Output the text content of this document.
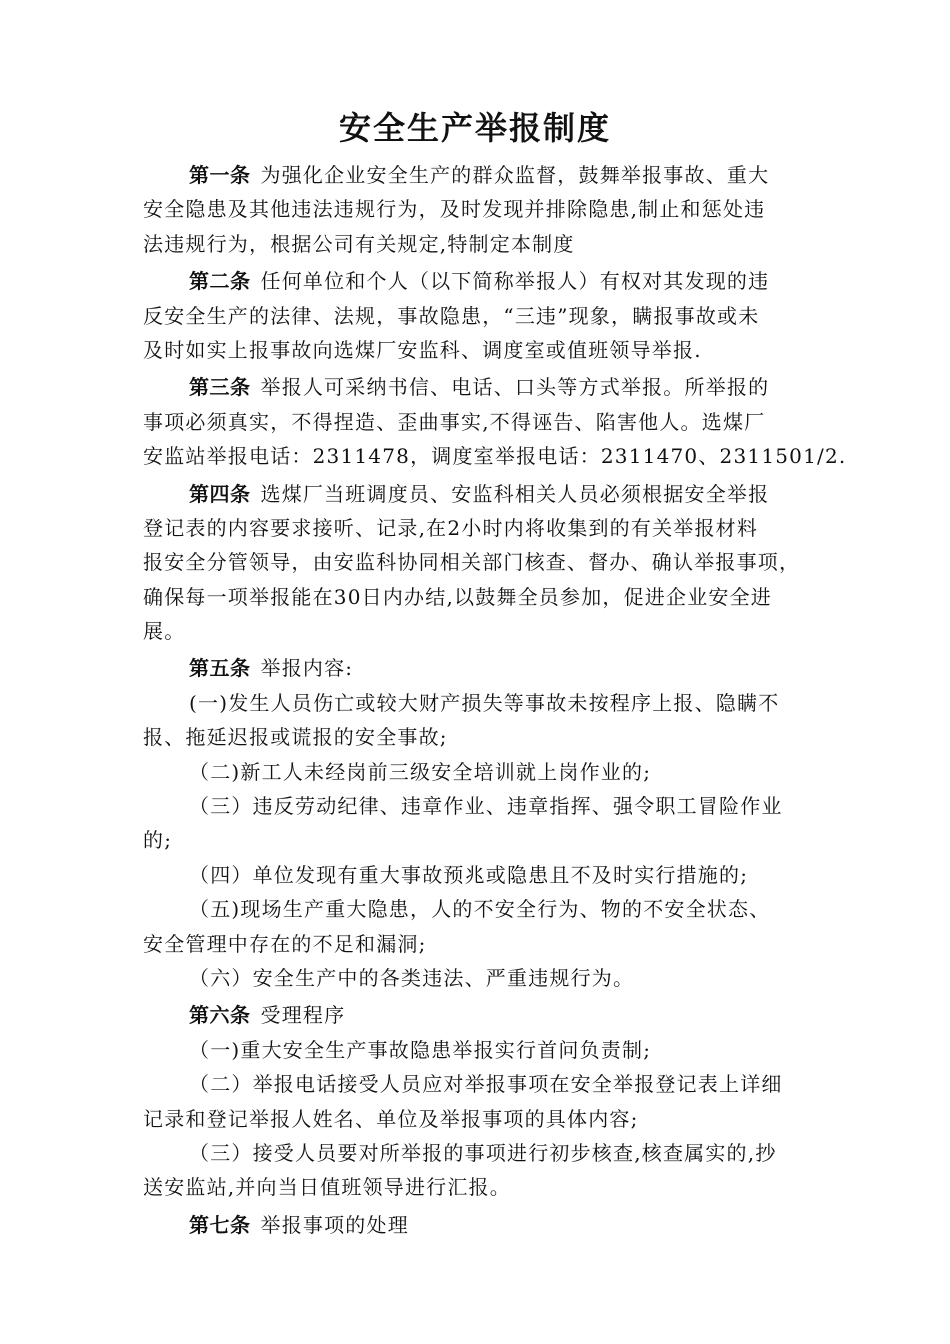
安全生产举报制度
第一条 为强化企业安全生产的群众监督，鼓舞举报事故、重大
安全隐患及其他违法违规行为，及时发现并排除隐患,制止和惩处违
法违规行为，根据公司有关规定,特制定本制度
第二条 任何单位和个人（以下简称举报人）有权对其发现的违
反安全生产的法律、法规，事故隐患，“三违”现象，瞒报事故或未
及时如实上报事故向选煤厂安监科、调度室或值班领导举报.
第三条 举报人可采纳书信、电话、口头等方式举报。所举报的
事项必须真实，不得捏造、歪曲事实,不得诬告、陷害他人。选煤厂
安监站举报电话：2311478，调度室举报电话：2311470、2311501/2.
第四条 选煤厂当班调度员、安监科相关人员必须根据安全举报
登记表的内容要求接听、记录,在2小时内将收集到的有关举报材料
报安全分管领导，由安监科协同相关部门核查、督办、确认举报事项，
确保每一项举报能在30日内办结,以鼓舞全员参加，促进企业安全进
展。
第五条 举报内容:
(一)发生人员伤亡或较大财产损失等事故未按程序上报、隐瞒不
报、拖延迟报或谎报的安全事故;
（二)新工人未经岗前三级安全培训就上岗作业的;
（三）违反劳动纪律、违章作业、违章指挥、强令职工冒险作业
的;
（四）单位发现有重大事故预兆或隐患且不及时实行措施的;
（五)现场生产重大隐患，人的不安全行为、物的不安全状态、
安全管理中存在的不足和漏洞;
（六）安全生产中的各类违法、严重违规行为。
第六条 受理程序
（一)重大安全生产事故隐患举报实行首问负责制;
（二）举报电话接受人员应对举报事项在安全举报登记表上详细
记录和登记举报人姓名、单位及举报事项的具体内容;
（三）接受人员要对所举报的事项进行初步核查,核查属实的,抄
送安监站,并向当日值班领导进行汇报。
第七条 举报事项的处理
